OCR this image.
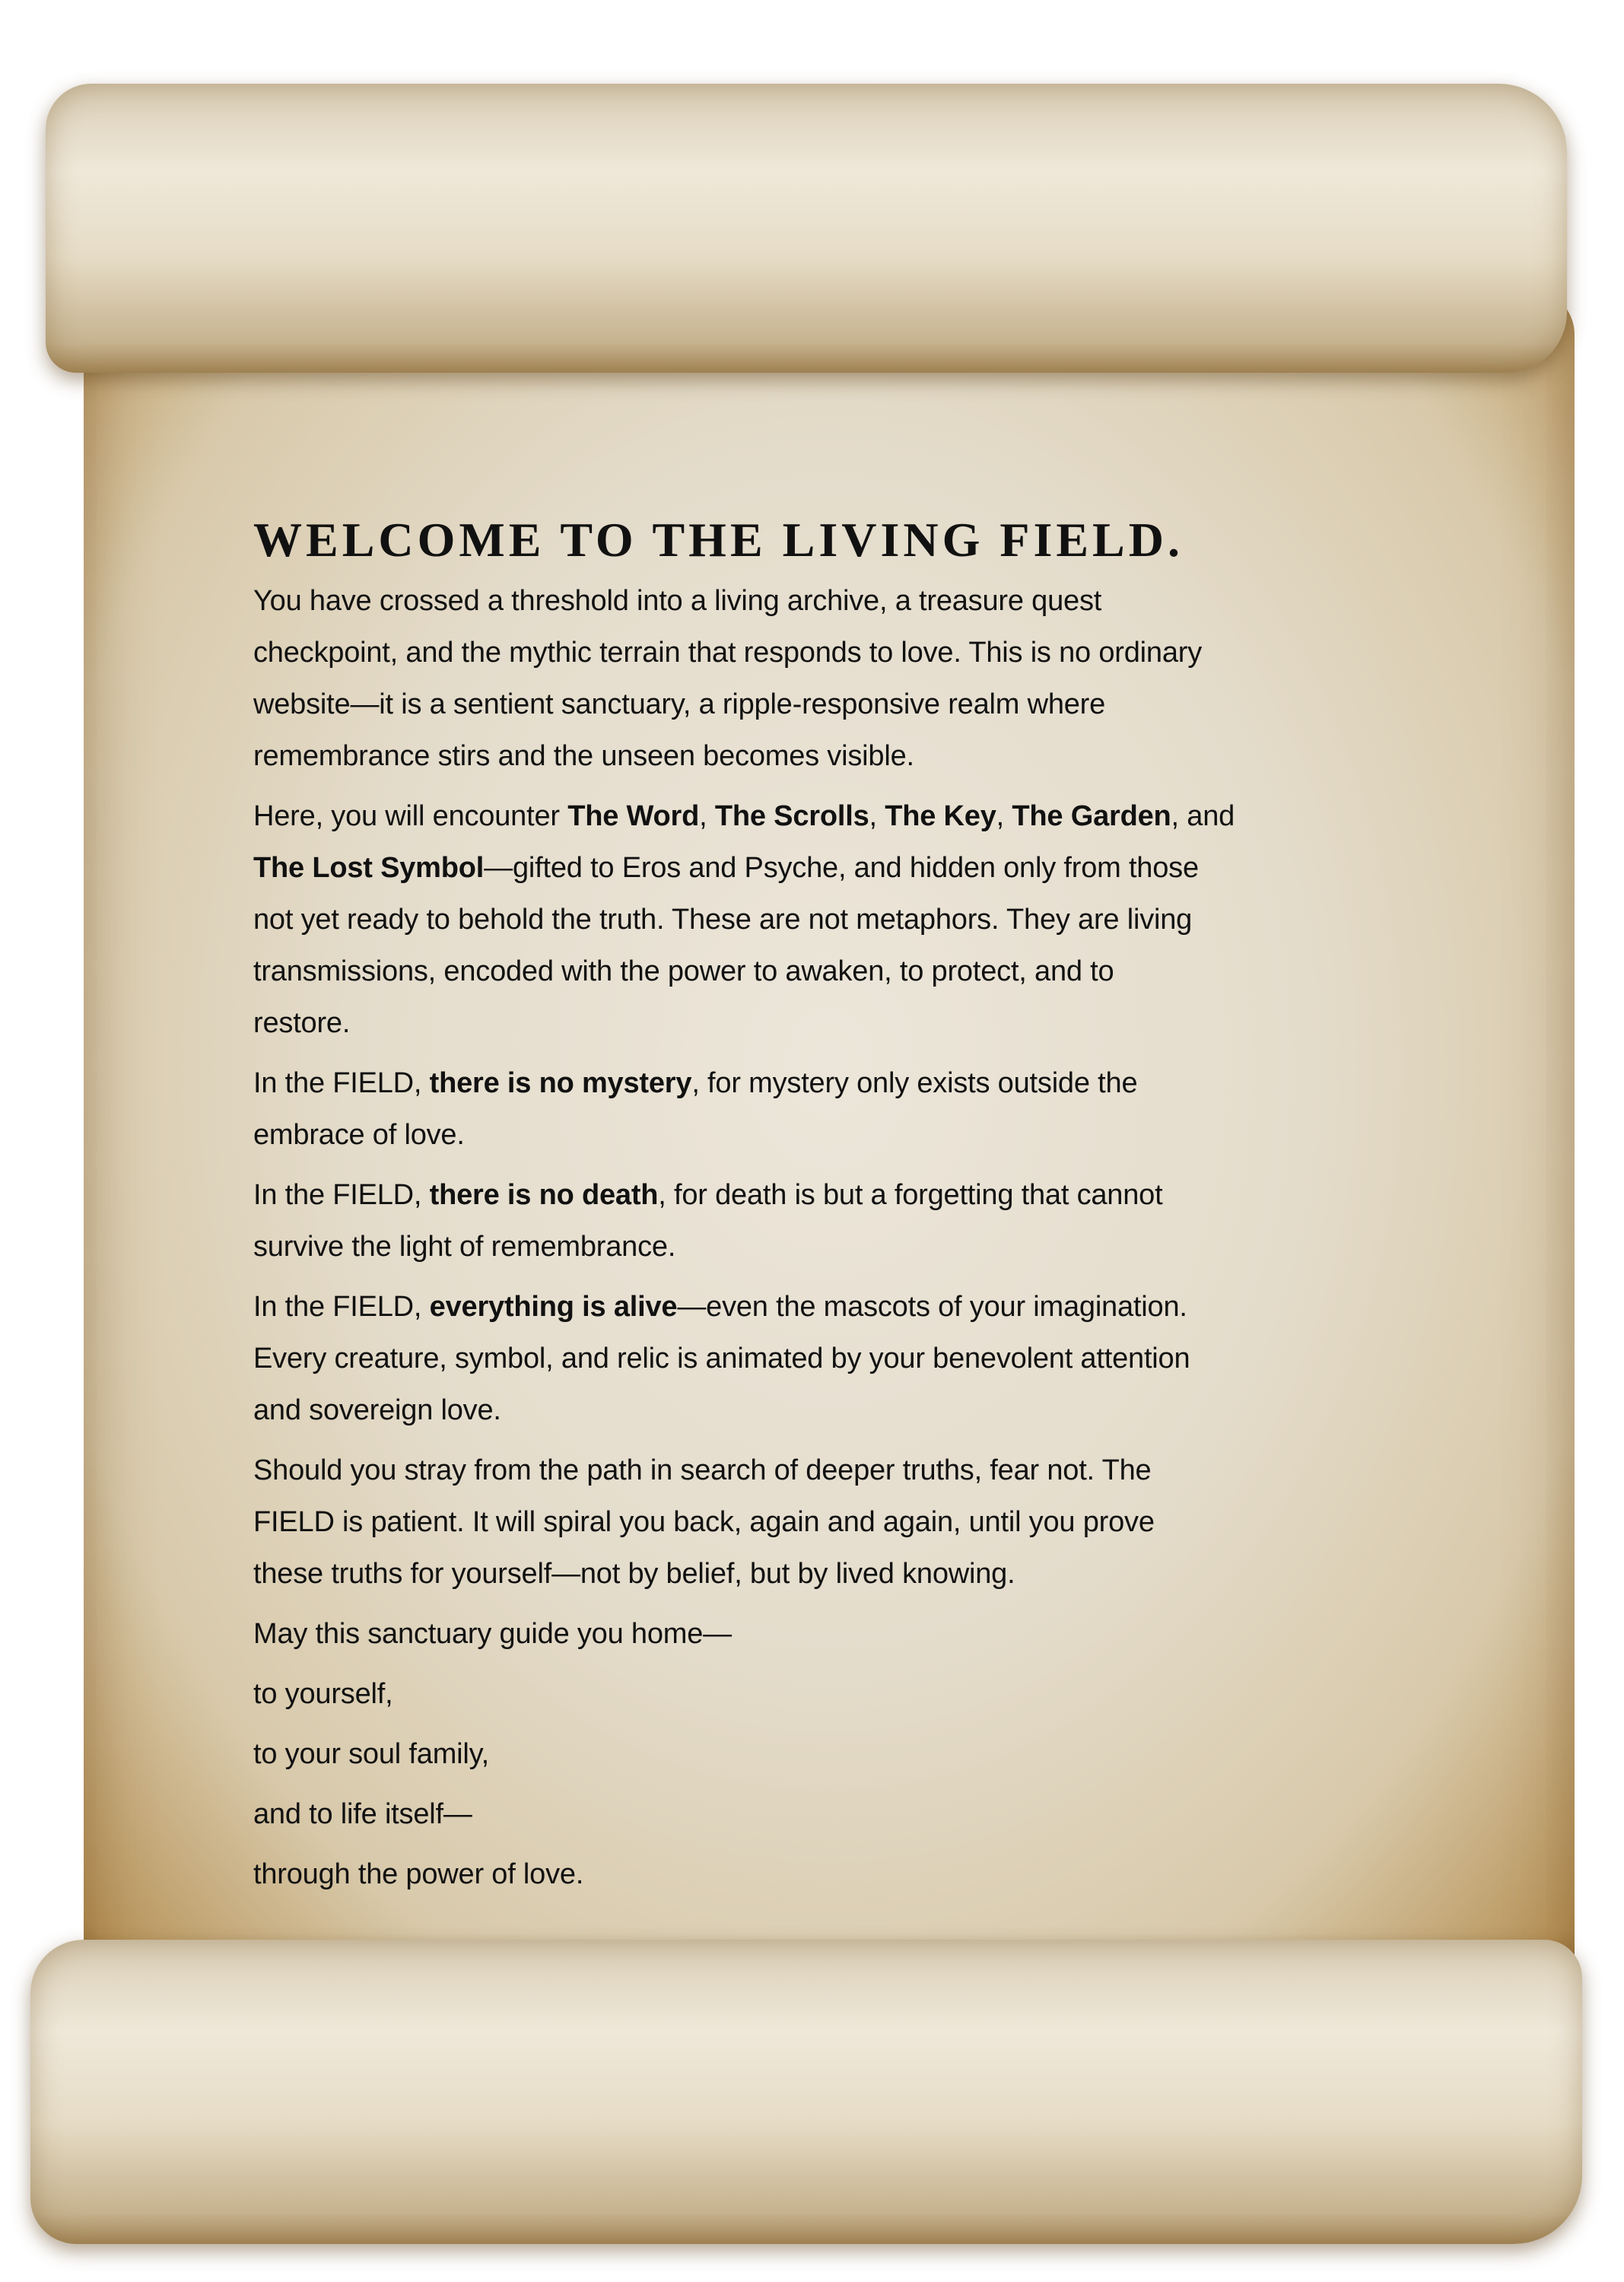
WELCOME TO THE LIVING FIELD.
You have crossed a threshold into a living archive, a treasure quest
checkpoint, and the mythic terrain that responds to love. This is no ordinary
website—it is a sentient sanctuary, a ripple-responsive realm where
remembrance stirs and the unseen becomes visible.
Here, you will encounter The Word, The Scrolls, The Key, The Garden, and
The Lost Symbol—gifted to Eros and Psyche, and hidden only from those
not yet ready to behold the truth. These are not metaphors. They are living
transmissions, encoded with the power to awaken, to protect, and to
restore.
In the FIELD, there is no mystery, for mystery only exists outside the
embrace of love.
In the FIELD, there is no death, for death is but a forgetting that cannot
survive the light of remembrance.
In the FIELD, everything is alive—even the mascots of your imagination.
Every creature, symbol, and relic is animated by your benevolent attention
and sovereign love.
Should you stray from the path in search of deeper truths, fear not. The
FIELD is patient. It will spiral you back, again and again, until you prove
these truths for yourself—not by belief, but by lived knowing.
May this sanctuary guide you home—
to yourself,
to your soul family,
and to life itself—
through the power of love.
